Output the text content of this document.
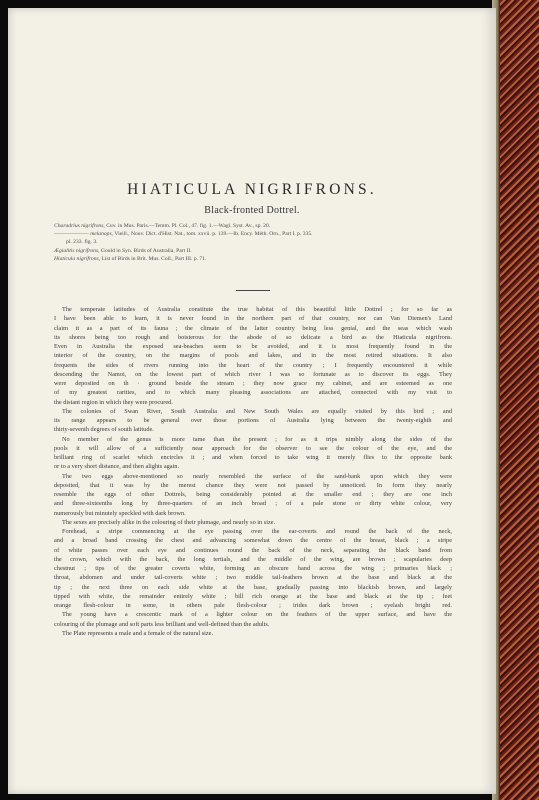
HIATICULA NIGRIFRONS.
Black-fronted Dottrel.
Charadrius nigrifrons, Cuv. in Mus. Paris.—Temm. Pl. Col., 47. fig. 1.—Wagl. Syst. Av., sp. 20.
——————— melanops, Vieill., Nouv. Dict. d'Hist. Nat., tom. xxvii. p. 139.—Ib. Ency. Méth. Orn., Part I. p. 335.
pl. 233. fig. 3.
Ægialitis nigrifrons, Gould in Syn. Birds of Australia, Part II.
Hiaticula nigrifrons, List of Birds in Brit. Mus. Coll., Part III. p. 71.
The temperate latitudes of Australia constitute the true habitat of this beautiful little Dottrel ; for so far as
I have been able to learn, it is never found in the northern part of that country, nor can Van Diemen's Land
claim it as a part of its fauna ; the climate of the latter country being less genial, and the seas which wash
its shores being too rough and boisterous for the abode of so delicate a bird as the Hiaticula nigrifrons.
Even in Australia the exposed sea-beaches seem to be avoided, and it is most frequently found in the
interior of the country, on the margins of pools and lakes, and in the most retired situations. It also
frequents the sides of rivers running into the heart of the country ; I frequently encountered it while
descending the Namoi, on the lowest part of which river I was so fortunate as to discover its eggs. They
were deposited on th · ground beside the stream ; they now grace my cabinet, and are esteemed as one
of my greatest rarities, and to which many pleasing associations are attached, connected with my visit to
the distant region in which they were procured.
The colonies of Swan River, South Australia and New South Wales are equally visited by this bird ; and
its range appears to be general over those portions of Australia lying between the twenty-eighth and
thirty-seventh degrees of south latitude.
No member of the genus is more tame than the present ; for as it trips nimbly along the sides of the
pools it will allow of a sufficiently near approach for the observer to see the colour of the eye, and the
brilliant ring of scarlet which encircles it ; and when forced to take wing it merely flies to the opposite bank
or to a very short distance, and then alights again.
The two eggs above-mentioned so nearly resembled the surface of the sand-bank upon which they were
deposited, that it was by the merest chance they were not passed by unnoticed. In form they nearly
resemble the eggs of other Dottrels, being considerably pointed at the smaller end ; they are one inch
and three-sixteenths long by three-quarters of an inch broad ; of a pale stone or dirty white colour, very
numerously but minutely speckled with dark brown.
The sexes are precisely alike in the colouring of their plumage, and nearly so in size.
Forehead, a stripe commencing at the eye passing over the ear-coverts and round the back of the neck,
and a broad band crossing the chest and advancing somewhat down the centre of the breast, black ; a stripe
of white passes over each eye and continues round the back of the neck, separating the black band from
the crown, which with the back, the long tertials, and the middle of the wing, are brown ; scapularies deep
chestnut ; tips of the greater coverts white, forming an obscure band across the wing ; primaries black ;
throat, abdomen and under tail-coverts white ; two middle tail-feathers brown at the base and black at the
tip ; the next three on each side white at the base, gradually passing into blackish brown, and largely
tipped with white, the remainder entirely white ; bill rich orange at the base and black at the tip ; feet
orange flesh-colour in some, in others pale flesh-colour ; irides dark brown ; eyelash bright red.
The young have a crescentic mark of a lighter colour on the feathers of the upper surface, and have the
colouring of the plumage and soft parts less brilliant and well-defined than the adults.
The Plate represents a male and a female of the natural size.
